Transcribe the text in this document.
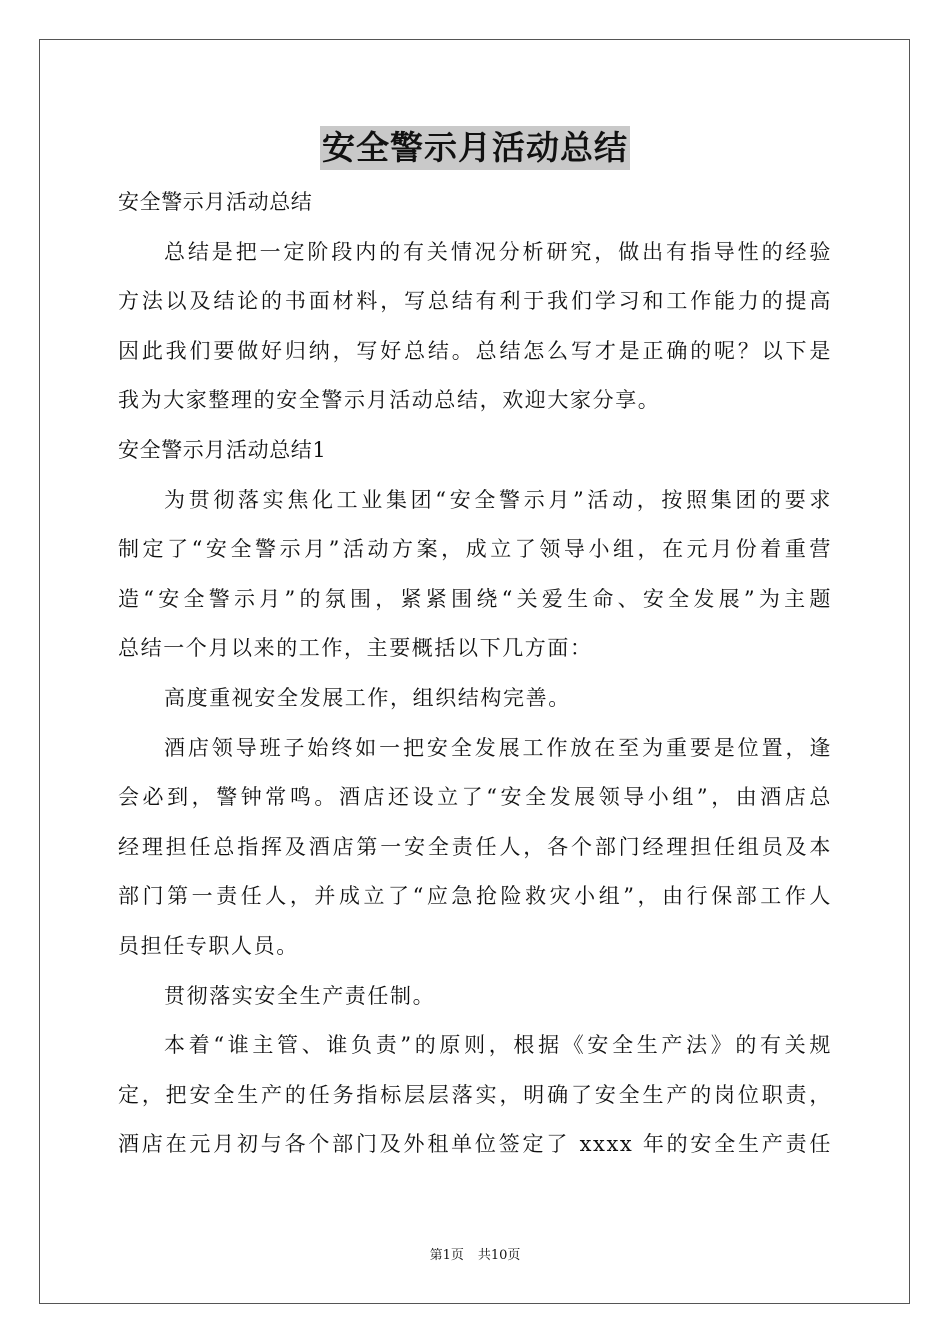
安全警示月活动总结
安全警示月活动总结
总结是把一定阶段内的有关情况分析研究，做出有指导性的经验
方法以及结论的书面材料，写总结有利于我们学习和工作能力的提高
因此我们要做好归纳，写好总结。总结怎么写才是正确的呢？以下是
我为大家整理的安全警示月活动总结，欢迎大家分享。
安全警示月活动总结1
为贯彻落实焦化工业集团“安全警示月”活动，按照集团的要求
制定了“安全警示月”活动方案，成立了领导小组，在元月份着重营
造“安全警示月”的氛围，紧紧围绕“关爱生命、安全发展”为主题
总结一个月以来的工作，主要概括以下几方面：
高度重视安全发展工作，组织结构完善。
酒店领导班子始终如一把安全发展工作放在至为重要是位置，逢
会必到，警钟常鸣。酒店还设立了“安全发展领导小组”，由酒店总
经理担任总指挥及酒店第一安全责任人，各个部门经理担任组员及本
部门第一责任人，并成立了“应急抢险救灾小组”，由行保部工作人
员担任专职人员。
贯彻落实安全生产责任制。
本着“谁主管、谁负责”的原则，根据《安全生产法》的有关规
定，把安全生产的任务指标层层落实，明确了安全生产的岗位职责，
酒店在元月初与各个部门及外租单位签定了 xxxx 年的安全生产责任
第1页 共10页
